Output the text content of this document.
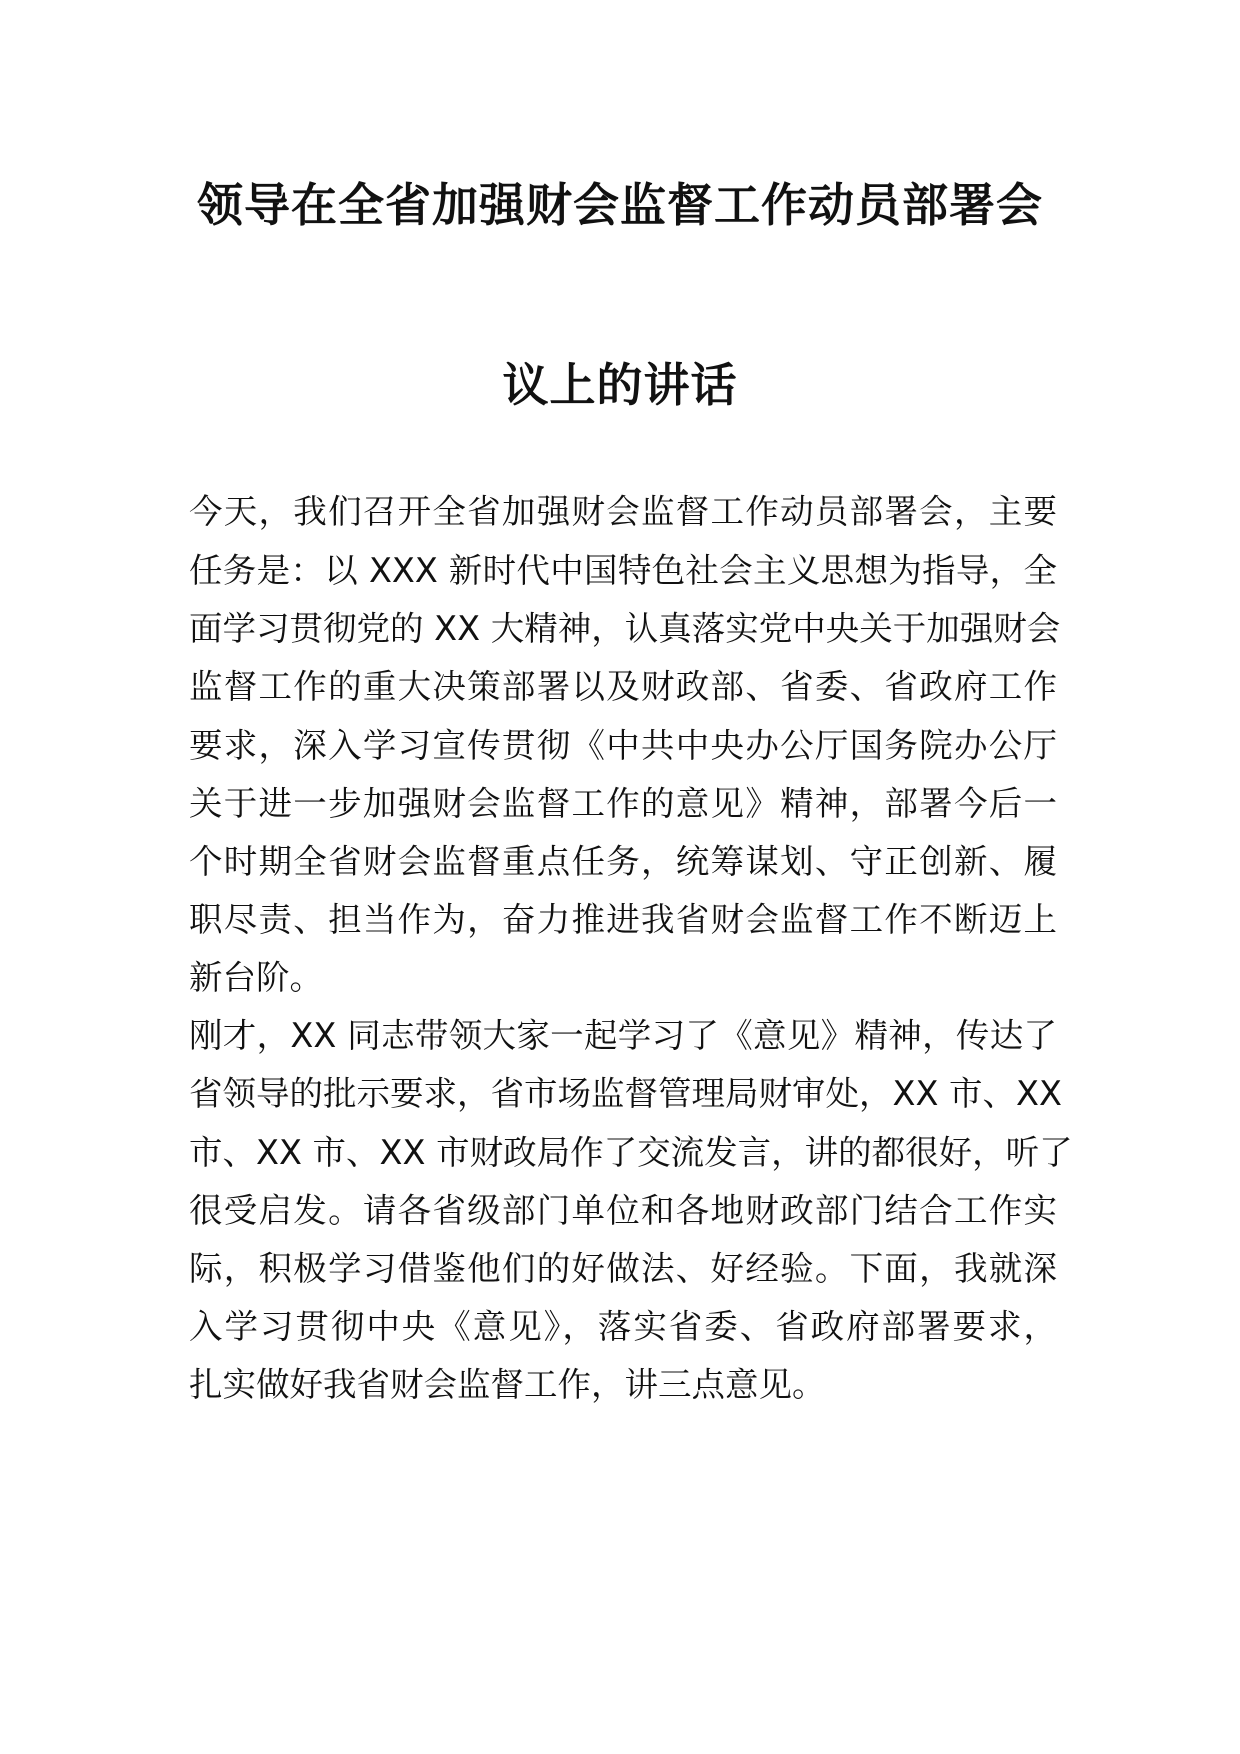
领导在全省加强财会监督工作动员部署会
议上的讲话
今天，我们召开全省加强财会监督工作动员部署会，主要
任务是：以 XXX 新时代中国特色社会主义思想为指导，全
面学习贯彻党的 XX 大精神，认真落实党中央关于加强财会
监督工作的重大决策部署以及财政部、省委、省政府工作
要求，深入学习宣传贯彻《中共中央办公厅国务院办公厅
关于进一步加强财会监督工作的意见》精神，部署今后一
个时期全省财会监督重点任务，统筹谋划、守正创新、履
职尽责、担当作为，奋力推进我省财会监督工作不断迈上
新台阶。
刚才，XX 同志带领大家一起学习了《意见》精神，传达了
省领导的批示要求，省市场监督管理局财审处，XX 市、XX
市、XX 市、XX 市财政局作了交流发言，讲的都很好，听了
很受启发。请各省级部门单位和各地财政部门结合工作实
际，积极学习借鉴他们的好做法、好经验。下面，我就深
入学习贯彻中央《意见》，落实省委、省政府部署要求，
扎实做好我省财会监督工作，讲三点意见。
